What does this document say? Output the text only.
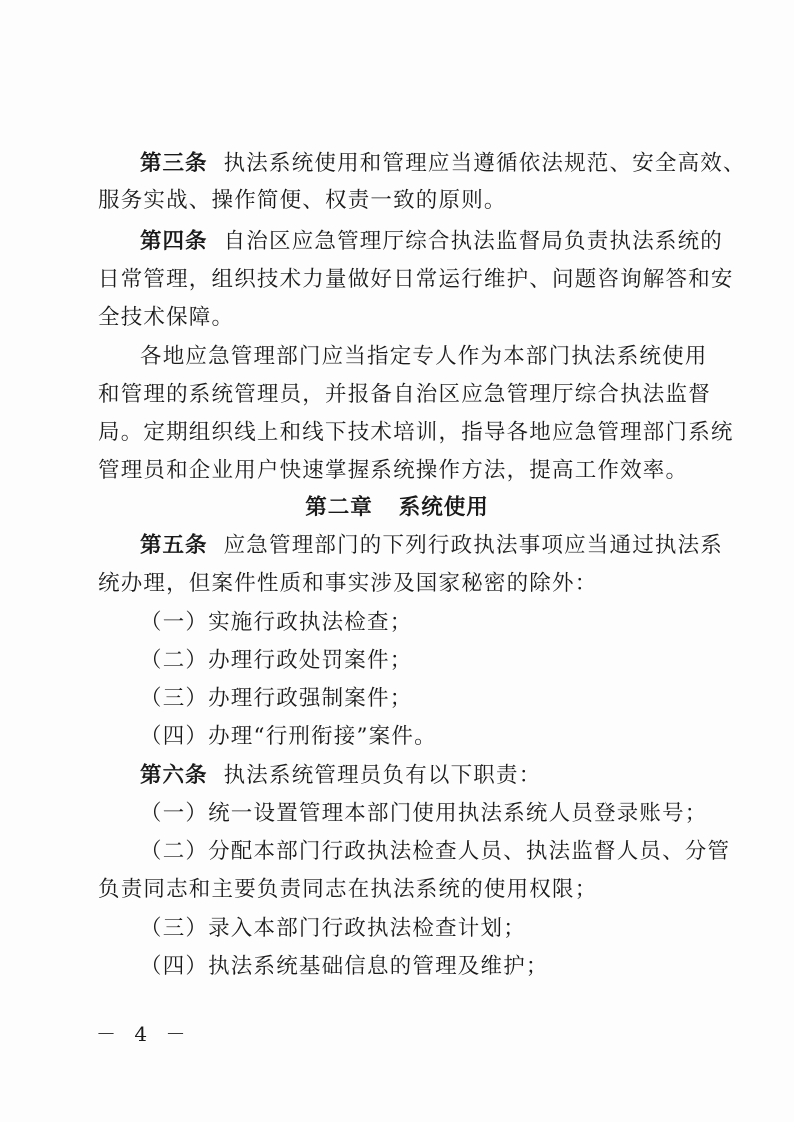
第三条 执法系统使用和管理应当遵循依法规范、安全高效、
服务实战、操作简便、权责一致的原则。
第四条 自治区应急管理厅综合执法监督局负责执法系统的
日常管理，组织技术力量做好日常运行维护、问题咨询解答和安
全技术保障。
各地应急管理部门应当指定专人作为本部门执法系统使用
和管理的系统管理员，并报备自治区应急管理厅综合执法监督
局。定期组织线上和线下技术培训，指导各地应急管理部门系统
管理员和企业用户快速掌握系统操作方法，提高工作效率。
第二章 系统使用
第五条 应急管理部门的下列行政执法事项应当通过执法系
统办理，但案件性质和事实涉及国家秘密的除外：
（一）实施行政执法检查；
（二）办理行政处罚案件；
（三）办理行政强制案件；
（四）办理“行刑衔接”案件。
第六条 执法系统管理员负有以下职责：
（一）统一设置管理本部门使用执法系统人员登录账号；
（二）分配本部门行政执法检查人员、执法监督人员、分管
负责同志和主要负责同志在执法系统的使用权限；
（三）录入本部门行政执法检查计划；
（四）执法系统基础信息的管理及维护；
－ 4 －
